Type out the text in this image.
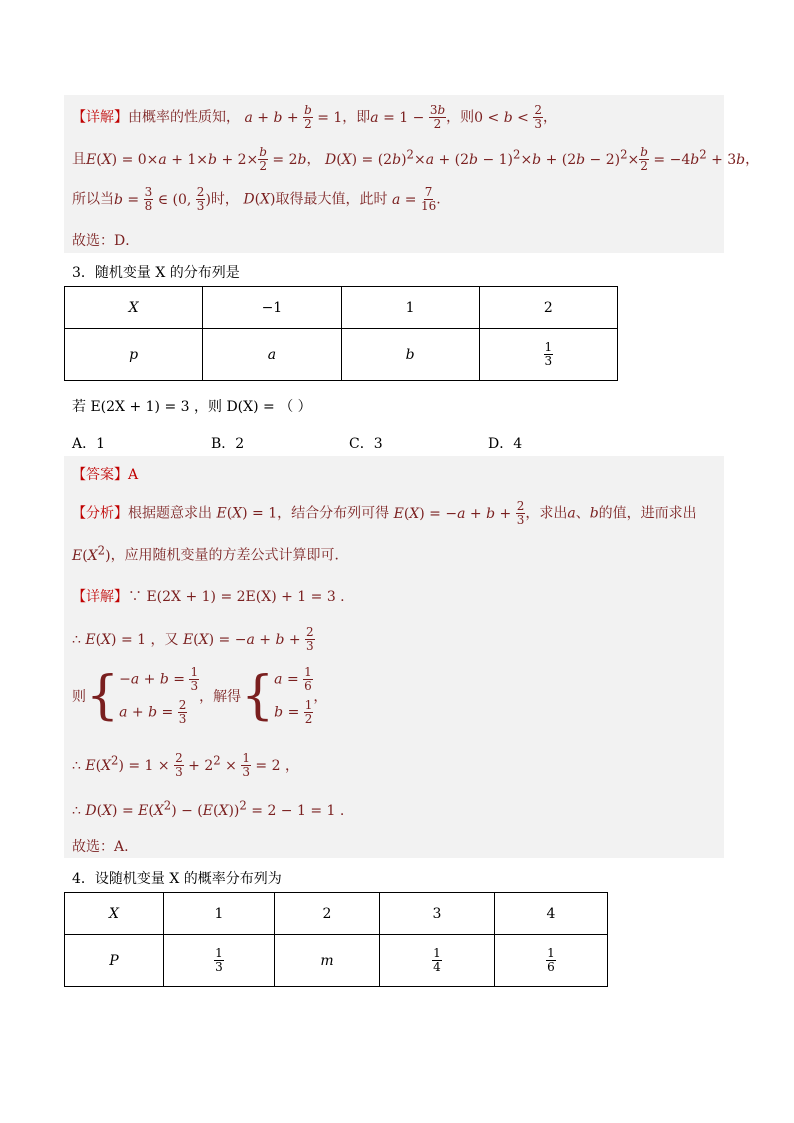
【详解】由概率的性质知， $a + b + \frac{b}{2} = 1$，即$a = 1 - \frac{3b}{2}$ ，则$0 < b < \frac{2}{3}$ ，
且$E(X) = 0\times a + 1\times b + 2\times \frac{b}{2} = 2b$， $D(X) = (2b)^2\times a + (2b - 1)^2\times b + (2b - 2)^2\times \frac{b}{2} = -4b^2 + 3b$，
所以当$b = \frac{3}{8}$ ∈ (0, $\frac{2}{3}$ )时， D(X)取得最大值，此时 $a = \frac{7}{16}$ .
故选：D．
3．随机变量 X 的分布列是
X	−1	1	2
p	a	b	$\frac{1}{3}$
若 E(2X + 1) = 3 ，则 D(X) = （ ）
A．1	B．2	C．3	D．4
【答案】A
【分析】根据题意求出 E(X) = 1，结合分布列可得 $E(X) = -a + b + \frac{2}{3}$ ，求出a、b的值，进而求出
$E(X^2)$，应用随机变量的方差公式计算即可．
【详解】∵ E(2X + 1) = 2E(X) + 1 = 3 .
∴ E(X) = 1 ，又 $E(X) = -a + b + \frac{2}{3}$
则 { $-a + b = \frac{1}{3}$
$a + b = \frac{2}{3}$
，解得 { $a = \frac{1}{6}$
$b = \frac{1}{2}$
，
∴ $E(X^2) = 1 \times \frac{2}{3} + 2^2 \times \frac{1}{3} = 2$ ，
∴ $D(X) = E(X^2) - (E(X))^2 = 2 - 1 = 1$ .
故选：A.
4．设随机变量 X 的概率分布列为
X	1	2	3	4
P	$\frac{1}{3}$	m	$\frac{1}{4}$	$\frac{1}{6}$
